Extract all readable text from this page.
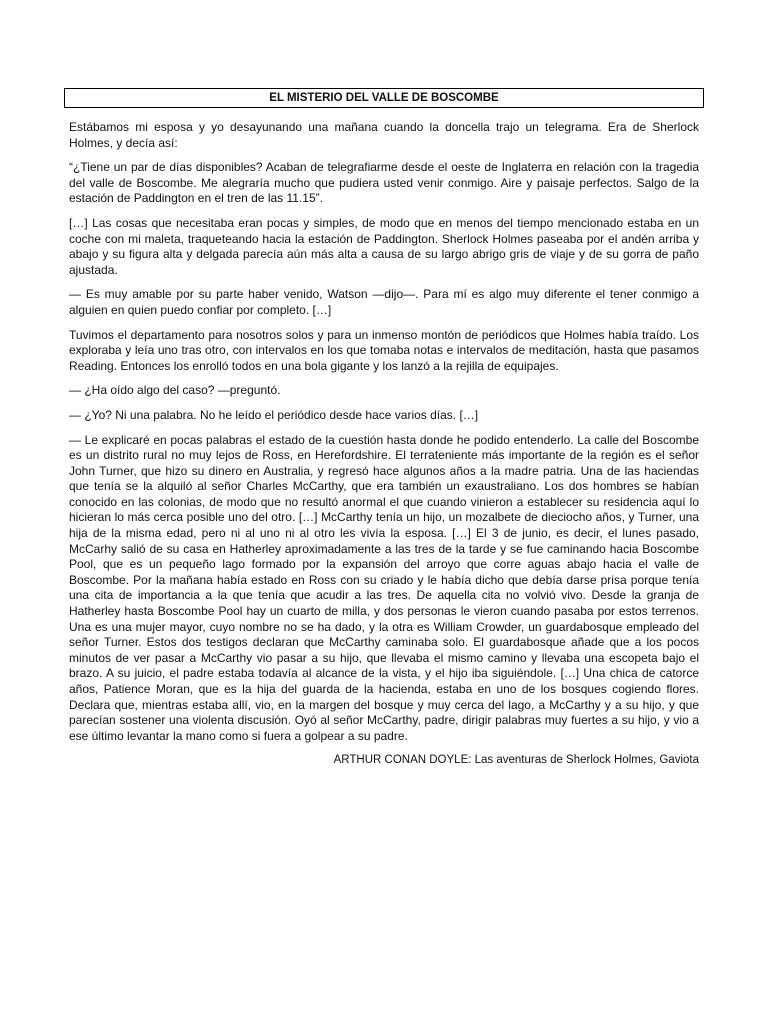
EL MISTERIO DEL VALLE DE BOSCOMBE

Estábamos mi esposa y yo desayunando una mañana cuando la doncella trajo un telegrama. Era de Sherlock Holmes, y decía así:

“¿Tiene un par de días disponibles? Acaban de telegrafiarme desde el oeste de Inglaterra en relación con la tragedia del valle de Boscombe. Me alegraría mucho que pudiera usted venir conmigo. Aire y paisaje perfectos. Salgo de la estación de Paddington en el tren de las 11.15”.

[…] Las cosas que necesitaba eran pocas y simples, de modo que en menos del tiempo mencionado estaba en un coche con mi maleta, traqueteando hacia la estación de Paddington. Sherlock Holmes paseaba por el andén arriba y abajo y su figura alta y delgada parecía aún más alta a causa de su largo abrigo gris de viaje y de su gorra de paño ajustada.

— Es muy amable por su parte haber venido, Watson —dijo—. Para mí es algo muy diferente el tener conmigo a alguien en quien puedo confiar por completo. […]

Tuvimos el departamento para nosotros solos y para un inmenso montón de periódicos que Holmes había traído. Los exploraba y leía uno tras otro, con intervalos en los que tomaba notas e intervalos de meditación, hasta que pasamos Reading. Entonces los enrolló todos en una bola gigante y los lanzó a la rejilla de equipajes.

— ¿Ha oído algo del caso? —preguntó.

— ¿Yo? Ni una palabra. No he leído el periódico desde hace varios días. […]

— Le explicaré en pocas palabras el estado de la cuestión hasta donde he podido entenderlo. La calle del Boscombe es un distrito rural no muy lejos de Ross, en Herefordshire. El terrateniente más importante de la región es el señor John Turner, que hizo su dinero en Australia, y regresó hace algunos años a la madre patria. Una de las haciendas que tenía se la alquiló al señor Charles McCarthy, que era también un exaustraliano. Los dos hombres se habían conocido en las colonias, de modo que no resultó anormal el que cuando vinieron a establecer su residencia aquí lo hicieran lo más cerca posible uno del otro. […] McCarthy tenía un hijo, un mozalbete de dieciocho años, y Turner, una hija de la misma edad, pero ni al uno ni al otro les vivía la esposa. […] El 3 de junio, es decir, el lunes pasado, McCarhy salió de su casa en Hatherley aproximadamente a las tres de la tarde y se fue caminando hacia Boscombe Pool, que es un pequeño lago formado por la expansión del arroyo que corre aguas abajo hacia el valle de Boscombe. Por la mañana había estado en Ross con su criado y le había dicho que debía darse prisa porque tenía una cita de importancia a la que tenía que acudir a las tres. De aquella cita no volvió vivo. Desde la granja de Hatherley hasta Boscombe Pool hay un cuarto de milla, y dos personas le vieron cuando pasaba por estos terrenos. Una es una mujer mayor, cuyo nombre no se ha dado, y la otra es William Crowder, un guardabosque empleado del señor Turner. Estos dos testigos declaran que McCarthy caminaba solo. El guardabosque añade que a los pocos minutos de ver pasar a McCarthy vio pasar a su hijo, que llevaba el mismo camino y llevaba una escopeta bajo el brazo. A su juicio, el padre estaba todavía al alcance de la vista, y el hijo iba siguiéndole. […] Una chica de catorce años, Patience Moran, que es la hija del guarda de la hacienda, estaba en uno de los bosques cogiendo flores. Declara que, mientras estaba allí, vio, en la margen del bosque y muy cerca del lago, a McCarthy y a su hijo, y que parecían sostener una violenta discusión. Oyó al señor McCarthy, padre, dirigir palabras muy fuertes a su hijo, y vio a ese último levantar la mano como si fuera a golpear a su padre.

ARTHUR CONAN DOYLE: Las aventuras de Sherlock Holmes, Gaviota
